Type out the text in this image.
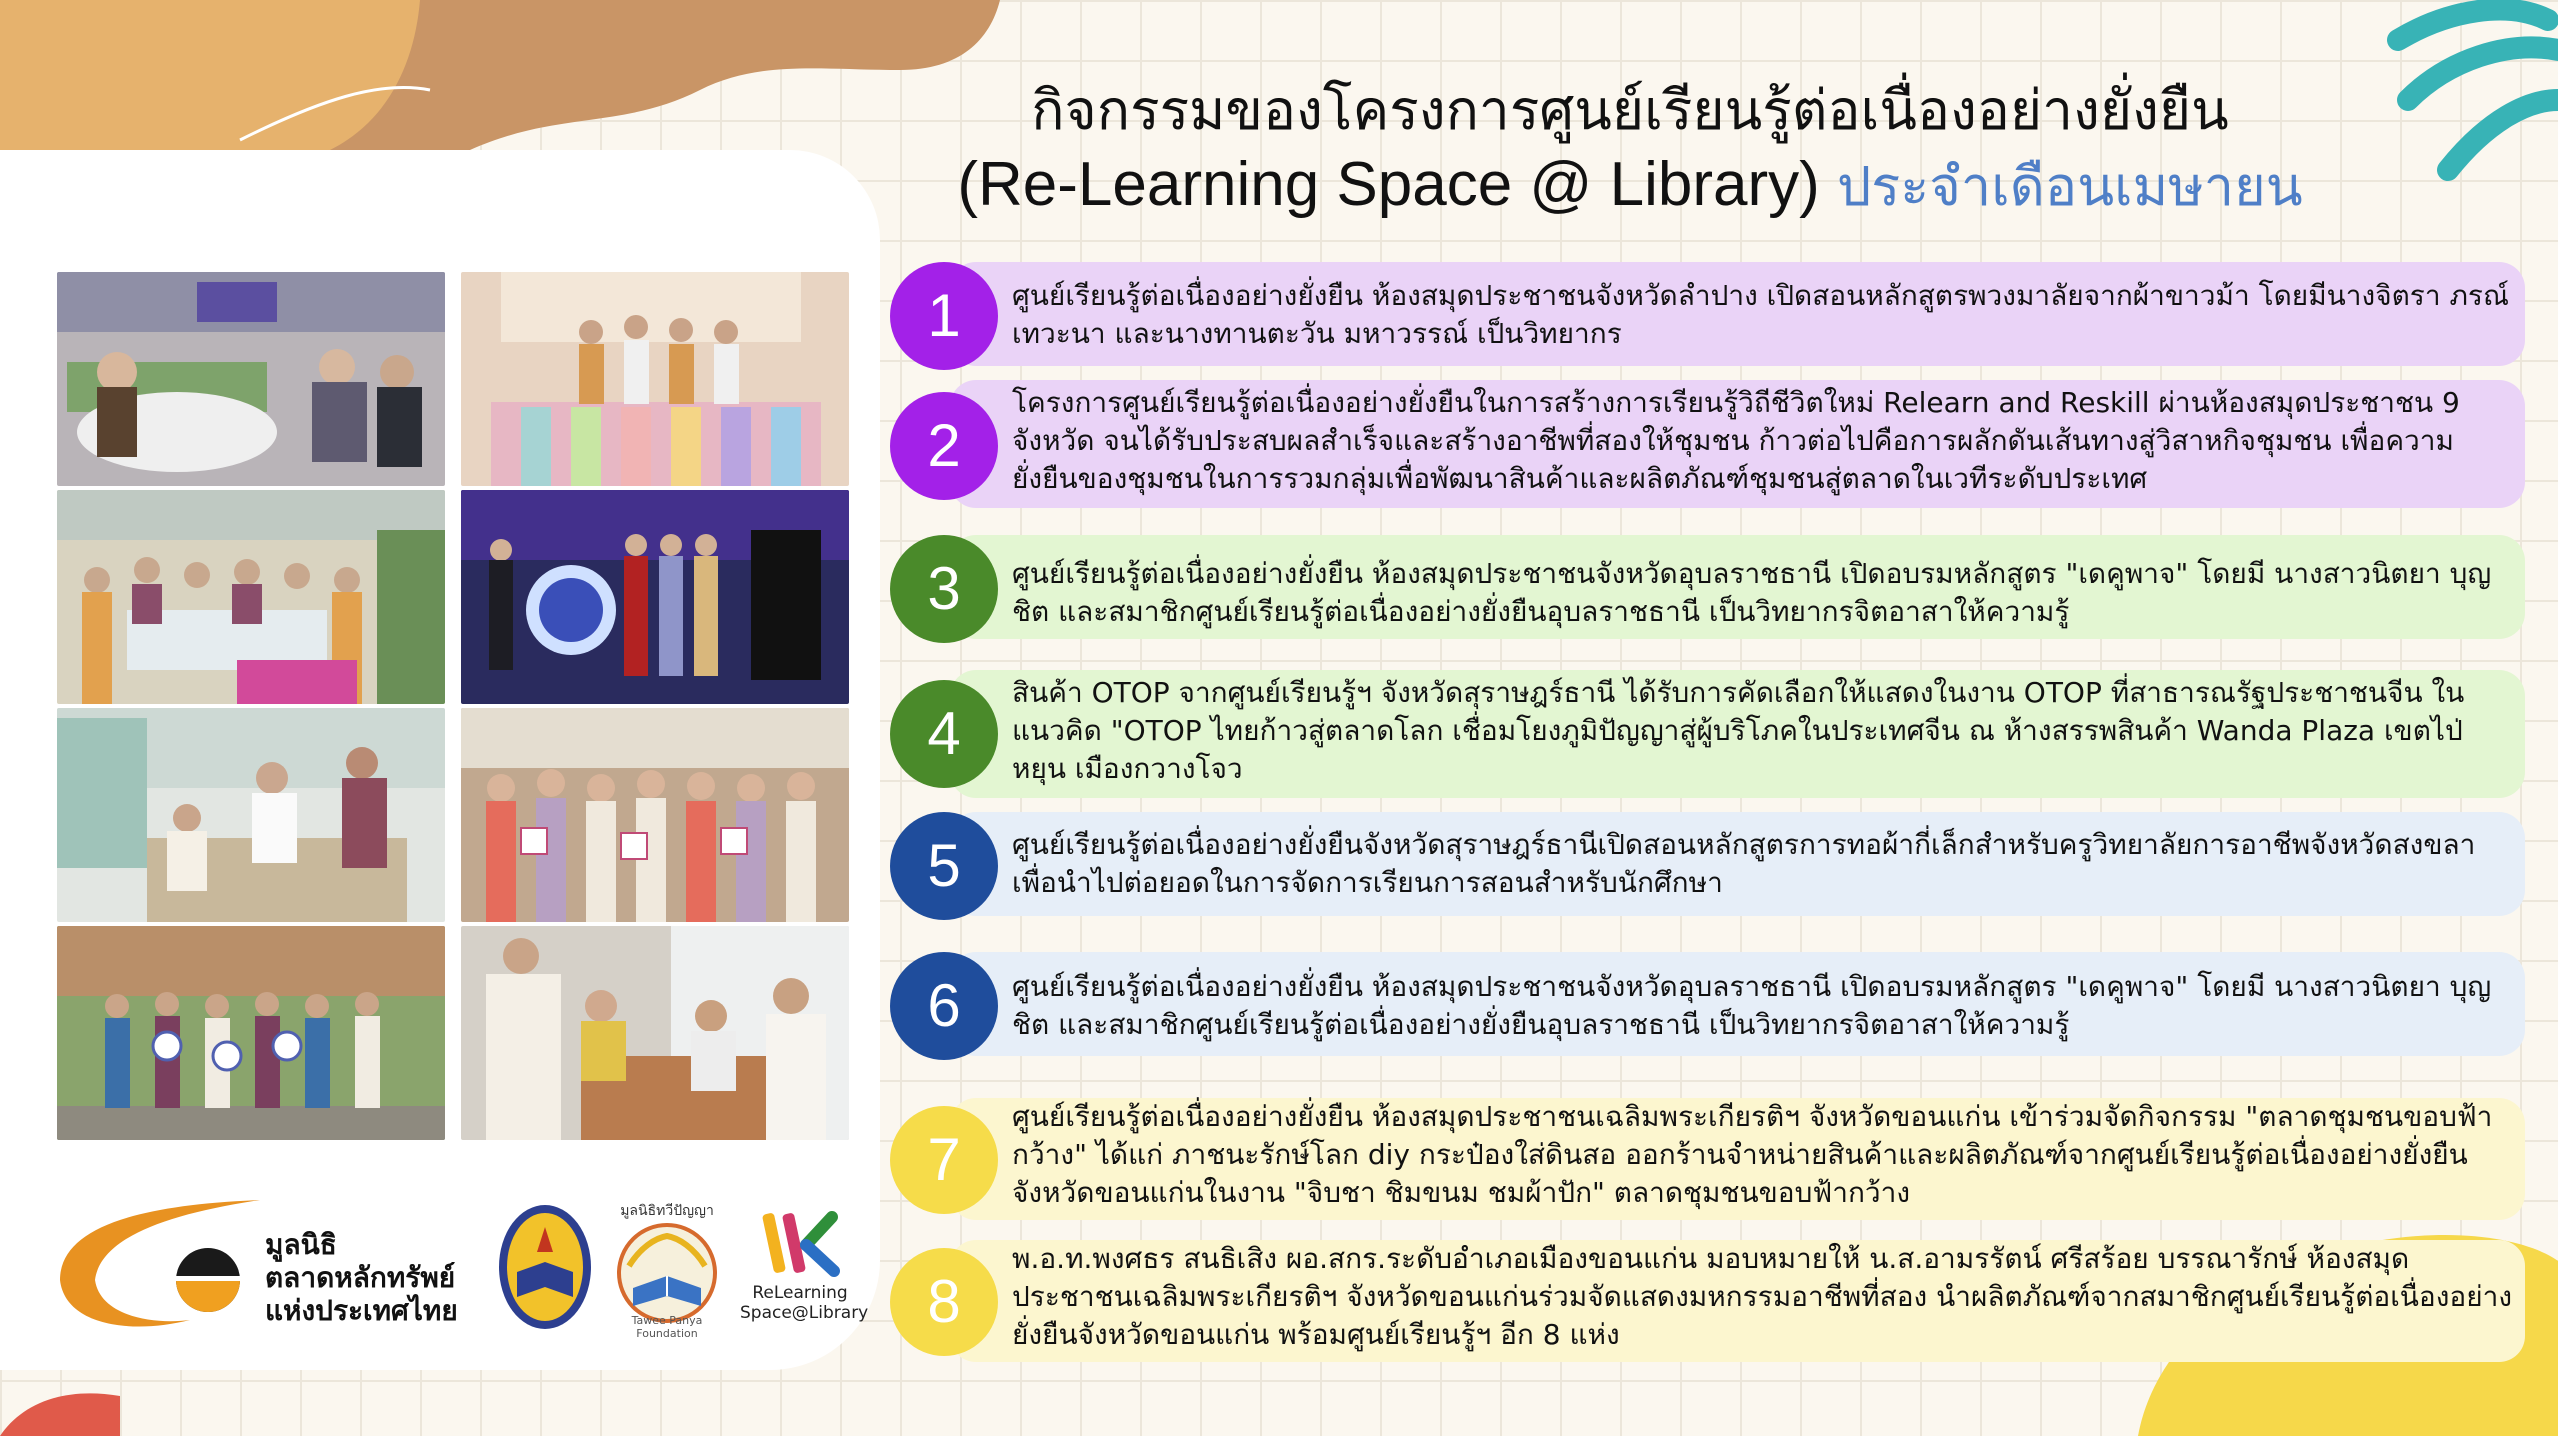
กิจกรรมของโครงการศูนย์เรียนรู้ต่อเนื่องอย่างยั่งยืน
(Re-Learning Space @ Library) ประจำเดือนเมษายน
มูลนิธิ
ตลาดหลักทรัพย์
แห่งประเทศไทย
มูลนิธิทวีปัญญา
Tawee Panya Foundation
ReLearning
Space@Library
1	ศูนย์เรียนรู้ต่อเนื่องอย่างยั่งยืน ห้องสมุดประชาชนจังหวัดลำปาง เปิดสอนหลักสูตรพวงมาลัยจากผ้าขาวม้า โดยมีนางจิตรา ภรณ์ เทวะนา และนางทานตะวัน มหาวรรณ์ เป็นวิทยากร
2
โครงการศูนย์เรียนรู้ต่อเนื่องอย่างยั่งยืนในการสร้างการเรียนรู้วิถีชีวิตใหม่ Relearn and Reskill ผ่านห้องสมุดประชาชน 9 จังหวัด จนได้รับประสบผลสำเร็จและสร้างอาชีพที่สองให้ชุมชน ก้าวต่อไปคือการผลักดันเส้นทางสู่วิสาหกิจชุมชน เพื่อความยั่งยืนของชุมชนในการรวมกลุ่มเพื่อพัฒนาสินค้าและผลิตภัณฑ์ชุมชนสู่ตลาดในเวทีระดับประเทศ
3	ศูนย์เรียนรู้ต่อเนื่องอย่างยั่งยืน ห้องสมุดประชาชนจังหวัดอุบลราชธานี เปิดอบรมหลักสูตร "เดคูพาจ" โดยมี นางสาวนิตยา บุญชิต และสมาชิกศูนย์เรียนรู้ต่อเนื่องอย่างยั่งยืนอุบลราชธานี เป็นวิทยากรจิตอาสาให้ความรู้
4
สินค้า OTOP จากศูนย์เรียนรู้ฯ จังหวัดสุราษฎร์ธานี ได้รับการคัดเลือกให้แสดงในงาน OTOP ที่สาธารณรัฐประชาชนจีน ใน แนวคิด "OTOP ไทยก้าวสู่ตลาดโลก เชื่อมโยงภูมิปัญญาสู่ผู้บริโภคในประเทศจีน ณ ห้างสรรพสินค้า Wanda Plaza เขตไป่ หยุน เมืองกวางโจว
5	ศูนย์เรียนรู้ต่อเนื่องอย่างยั่งยืนจังหวัดสุราษฎร์ธานีเปิดสอนหลักสูตรการทอผ้ากี่เล็กสำหรับครูวิทยาลัยการอาชีพจังหวัดสงขลา เพื่อนำไปต่อยอดในการจัดการเรียนการสอนสำหรับนักศึกษา
6	ศูนย์เรียนรู้ต่อเนื่องอย่างยั่งยืน ห้องสมุดประชาชนจังหวัดอุบลราชธานี เปิดอบรมหลักสูตร "เดคูพาจ" โดยมี นางสาวนิตยา บุญ ชิต และสมาชิกศูนย์เรียนรู้ต่อเนื่องอย่างยั่งยืนอุบลราชธานี เป็นวิทยากรจิตอาสาให้ความรู้
7
ศูนย์เรียนรู้ต่อเนื่องอย่างยั่งยืน ห้องสมุดประชาชนเฉลิมพระเกียรติฯ จังหวัดขอนแก่น เข้าร่วมจัดกิจกรรม "ตลาดชุมชนขอบฟ้า กว้าง" ได้แก่ ภาชนะรักษ์โลก diy กระป๋องใส่ดินสอ ออกร้านจำหน่ายสินค้าและผลิตภัณฑ์จากศูนย์เรียนรู้ต่อเนื่องอย่างยั่งยืน จังหวัดขอนแก่นในงาน "จิบชา ชิมขนม ชมผ้าปัก" ตลาดชุมชนขอบฟ้ากว้าง
8
พ.อ.ท.พงศธร สนธิเสิง ผอ.สกร.ระดับอำเภอเมืองขอนแก่น มอบหมายให้ น.ส.อามรรัตน์ ศรีสร้อย บรรณารักษ์ ห้องสมุด ประชาชนเฉลิมพระเกียรติฯ จังหวัดขอนแก่นร่วมจัดแสดงมหกรรมอาชีพที่สอง นำผลิตภัณฑ์จากสมาชิกศูนย์เรียนรู้ต่อเนื่องอย่าง ยั่งยืนจังหวัดขอนแก่น พร้อมศูนย์เรียนรู้ฯ อีก 8 แห่ง
